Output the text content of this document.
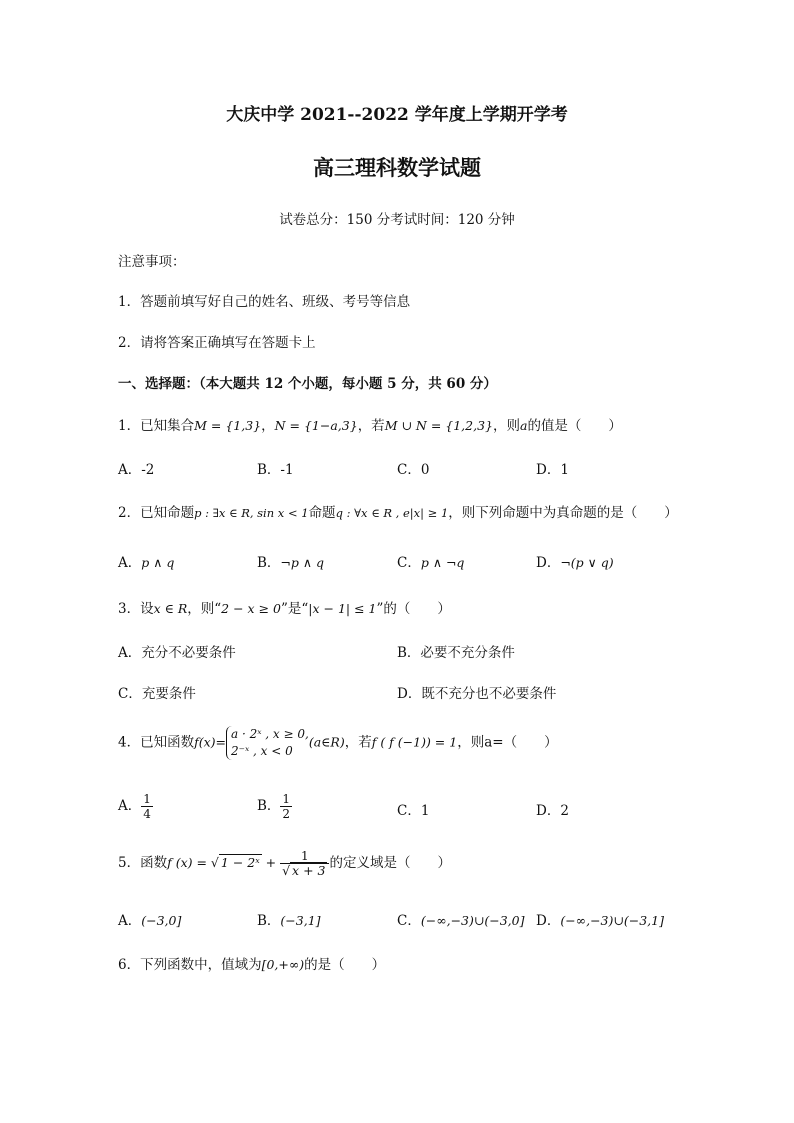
大庆中学 2021--2022 学年度上学期开学考
高三理科数学试题
试卷总分：150 分考试时间：120 分钟
注意事项：
1．答题前填写好自己的姓名、班级、考号等信息
2．请将答案正确填写在答题卡上
一、选择题：（本大题共 12 个小题，每小题 5 分，共 60 分）
1．已知集合M = {1,3}，N = {1−a,3}，若M ∪ N = {1,2,3}，则a的值是（　　）
A．-2	B．-1	C．0	D．1
2．已知命题p : ∃x ∈ R, sin x < 1命题q : ∀x ∈ R , e|x| ≥ 1，则下列命题中为真命题的是（　　）
A．p ∧ q	B．¬p ∧ q	C．p ∧ ¬q	D．¬(p ∨ q)
3．设x ∈ R，则“2 − x ≥ 0”是“|x − 1| ≤ 1”的（　　）
A．充分不必要条件	B．必要不充分条件
C．充要条件	D．既不充分也不必要条件
4．已知函数f(x)=
a · 2ˣ , x ≥ 0,
2⁻ˣ , x < 0
(a∈R)，若f ( f (−1)) = 1，则a=（　　）
A． $\frac{1}{4}$	B． $\frac{1}{2}$	C．1	D．2
5．函数f (x) = √ 1 − 2ˣ + $\frac{1}{√ x + 3}$ 的定义域是（　　）
A．(−3,0]	B．(−3,1]	C．(−∞,−3)∪(−3,0] D．(−∞,−3)∪(−3,1]
6．下列函数中，值域为[0,+∞)的是（　　）
